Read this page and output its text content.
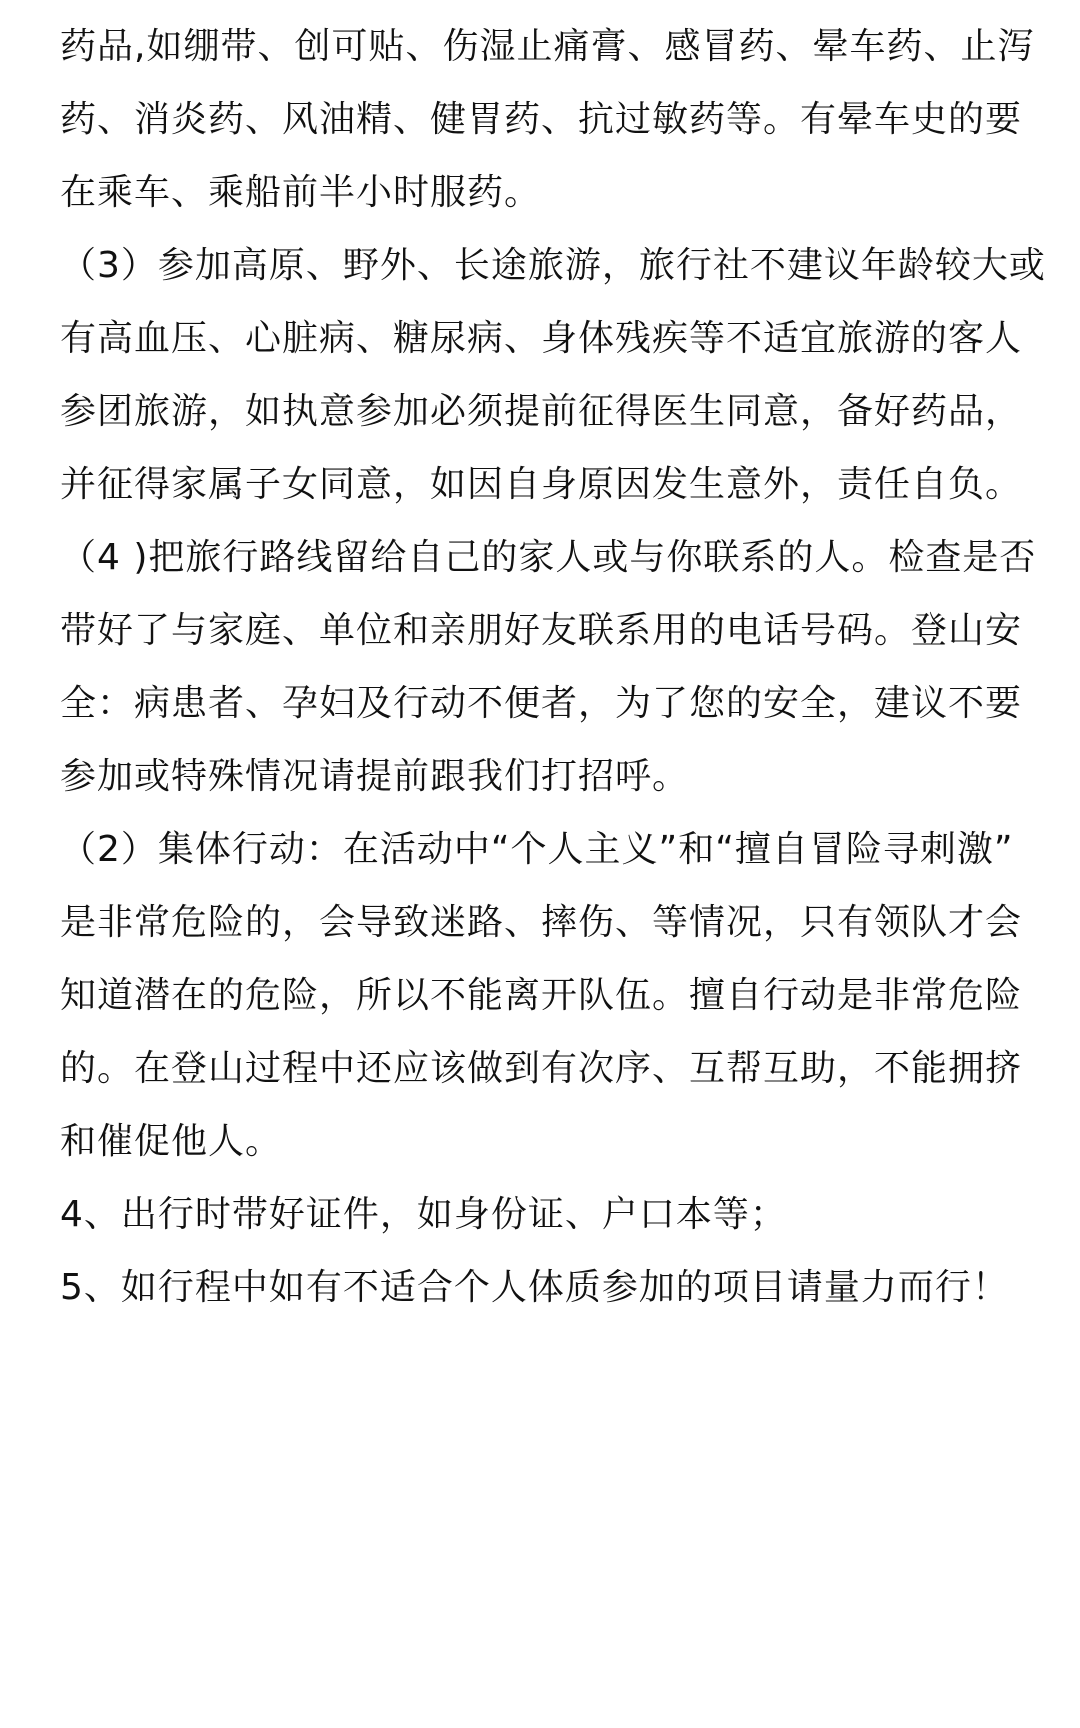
药品,如绷带、创可贴、伤湿止痛膏、感冒药、晕车药、止泻
药、消炎药、风油精、健胃药、抗过敏药等。有晕车史的要
在乘车、乘船前半小时服药。

（3）参加高原、野外、长途旅游，旅行社不建议年龄较大或
有高血压、心脏病、糖尿病、身体残疾等不适宜旅游的客人
参团旅游，如执意参加必须提前征得医生同意，备好药品，
并征得家属子女同意，如因自身原因发生意外，责任自负。

（4 )把旅行路线留给自己的家人或与你联系的人。检查是否
带好了与家庭、单位和亲朋好友联系用的电话号码。登山安
全：病患者、孕妇及行动不便者，为了您的安全，建议不要
参加或特殊情况请提前跟我们打招呼。

（2）集体行动：在活动中“个人主义”和“擅自冒险寻刺激”
是非常危险的，会导致迷路、摔伤、等情况，只有领队才会
知道潜在的危险，所以不能离开队伍。擅自行动是非常危险
的。在登山过程中还应该做到有次序、互帮互助，不能拥挤
和催促他人。

4、出行时带好证件，如身份证、户口本等；

5、如行程中如有不适合个人体质参加的项目请量力而行！
